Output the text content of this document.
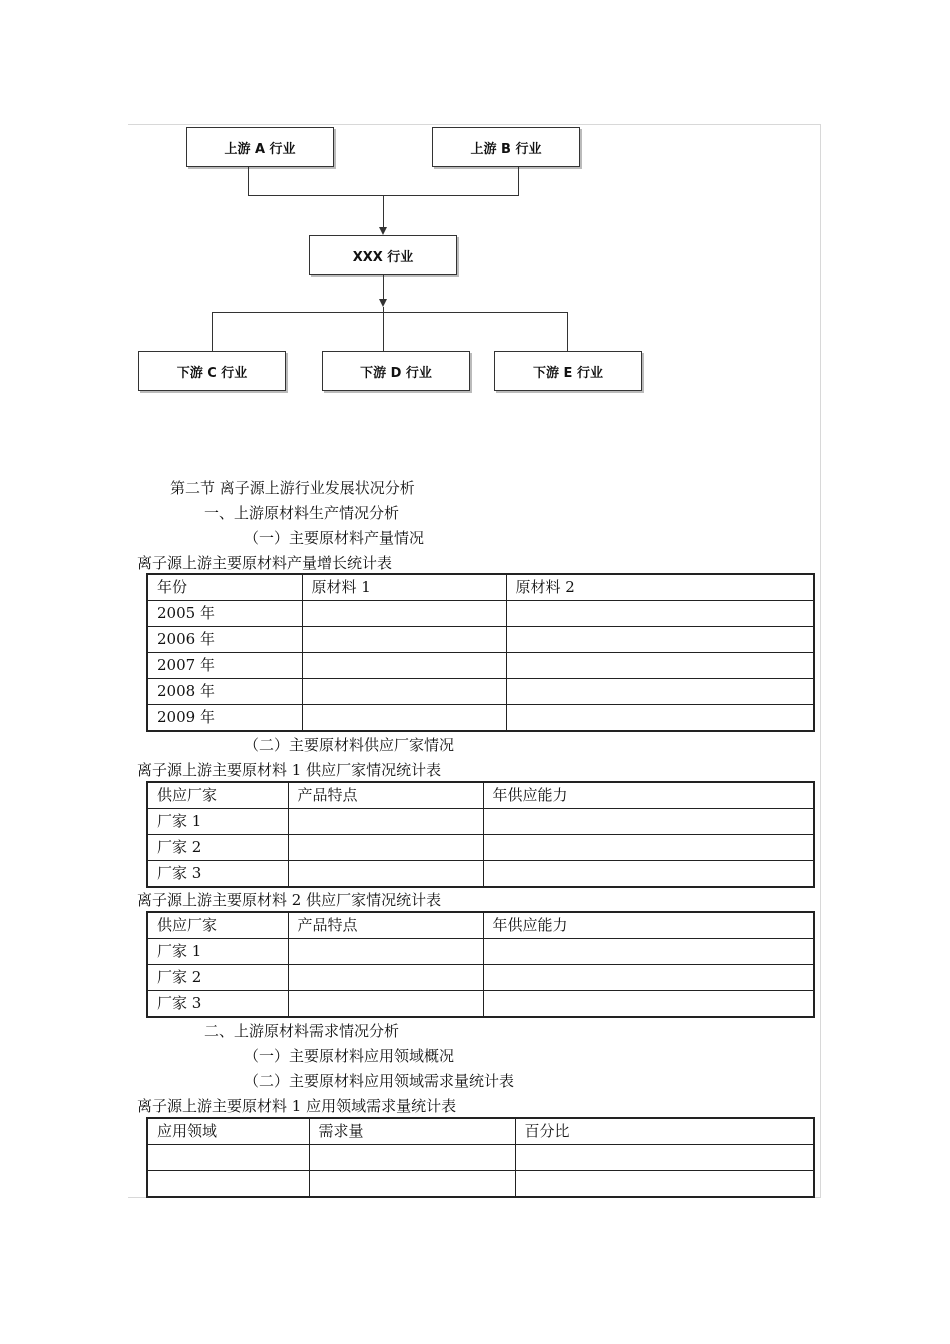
上游 A 行业	上游 B 行业
XXX 行业
下游 C 行业	下游 D 行业	下游 E 行业
第二节 离子源上游行业发展状况分析
一、上游原材料生产情况分析
（一）主要原材料产量情况
离子源上游主要原材料产量增长统计表
年份	原材料 1	原材料 2
2005 年		
2006 年		
2007 年		
2008 年		
2009 年		
（二）主要原材料供应厂家情况
离子源上游主要原材料 1 供应厂家情况统计表
供应厂家	产品特点	年供应能力
厂家 1		
厂家 2		
厂家 3		
离子源上游主要原材料 2 供应厂家情况统计表
供应厂家	产品特点	年供应能力
厂家 1		
厂家 2		
厂家 3		
二、上游原材料需求情况分析
（一）主要原材料应用领域概况
（二）主要原材料应用领域需求量统计表
离子源上游主要原材料 1 应用领域需求量统计表
应用领域	需求量	百分比
